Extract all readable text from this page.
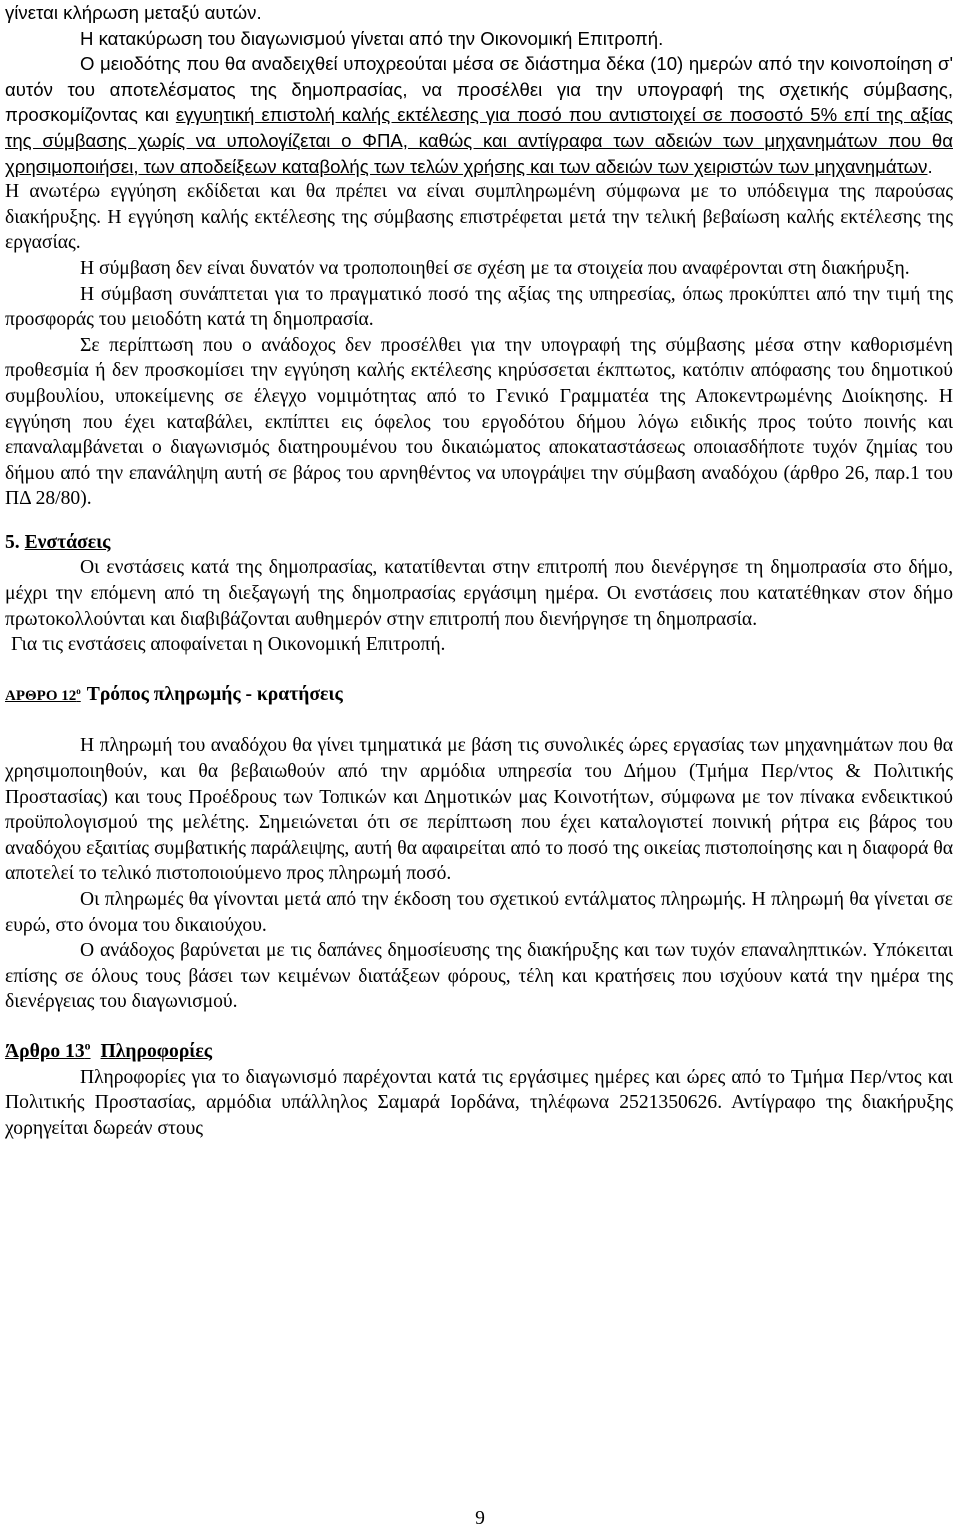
γίνεται κλήρωση μεταξύ αυτών.

Η κατακύρωση του διαγωνισμού γίνεται από την Οικονομική Επιτροπή.

Ο μειοδότης που θα αναδειχθεί υποχρεούται μέσα σε διάστημα δέκα (10) ημερών από την κοινοποίηση σ' αυτόν του αποτελέσματος της δημοπρασίας, να προσέλθει για την υπογραφή της σχετικής σύμβασης, προσκομίζοντας και εγγυητική επιστολή καλής εκτέλεσης για ποσό που αντιστοιχεί σε ποσοστό 5% επί της αξίας της σύμβασης χωρίς να υπολογίζεται ο ΦΠΑ, καθώς και αντίγραφα των αδειών των μηχανημάτων που θα χρησιμοποιήσει, των αποδείξεων καταβολής των τελών χρήσης και των αδειών των χειριστών των μηχανημάτων.

Η ανωτέρω εγγύηση εκδίδεται και θα πρέπει να είναι συμπληρωμένη σύμφωνα με το υπόδειγμα της παρούσας διακήρυξης. Η εγγύηση καλής εκτέλεσης της σύμβασης επιστρέφεται μετά την τελική βεβαίωση καλής εκτέλεσης της εργασίας.

Η σύμβαση δεν είναι δυνατόν να τροποποιηθεί σε σχέση με τα στοιχεία που αναφέρονται στη διακήρυξη.

Η σύμβαση συνάπτεται για το πραγματικό ποσό της αξίας της υπηρεσίας, όπως προκύπτει από την τιμή της προσφοράς του μειοδότη κατά τη δημοπρασία.

Σε περίπτωση που ο ανάδοχος δεν προσέλθει για την υπογραφή της σύμβασης μέσα στην καθορισμένη προθεσμία ή δεν προσκομίσει την εγγύηση καλής εκτέλεσης κηρύσσεται έκπτωτος, κατόπιν απόφασης του δημοτικού συμβουλίου, υποκείμενης σε έλεγχο νομιμότητας από το Γενικό Γραμματέα της Αποκεντρωμένης Διοίκησης. Η εγγύηση που έχει καταβάλει, εκπίπτει εις όφελος του εργοδότου δήμου λόγω ειδικής προς τούτο ποινής και επαναλαμβάνεται ο διαγωνισμός διατηρουμένου του δικαιώματος αποκαταστάσεως οποιασδήποτε τυχόν ζημίας του δήμου από την επανάληψη αυτή σε βάρος του αρνηθέντος να υπογράψει την σύμβαση αναδόχου (άρθρο 26, παρ.1 του ΠΔ 28/80).

5. Ενστάσεις

Οι ενστάσεις κατά της δημοπρασίας, κατατίθενται στην επιτροπή που διενέργησε τη δημοπρασία στο δήμο, μέχρι την επόμενη από τη διεξαγωγή της δημοπρασίας εργάσιμη ημέρα. Οι ενστάσεις που κατατέθηκαν στον δήμο πρωτοκολλούνται και διαβιβάζονται αυθημερόν στην επιτροπή που διενήργησε τη δημοπρασία.

Για τις ενστάσεις αποφαίνεται η Οικονομική Επιτροπή.

ΑΡΘΡΟ $12^o$ Τρόπος πληρωμής - κρατήσεις

Η πληρωμή του αναδόχου θα γίνει τμηματικά με βάση τις συνολικές ώρες εργασίας των μηχανημάτων που θα χρησιμοποιηθούν, και θα βεβαιωθούν από την αρμόδια υπηρεσία του Δήμου (Τμήμα Περ/ντος & Πολιτικής Προστασίας) και τους Προέδρους των Τοπικών και Δημοτικών μας Κοινοτήτων, σύμφωνα με τον πίνακα ενδεικτικού προϋπολογισμού της μελέτης. Σημειώνεται ότι σε περίπτωση που έχει καταλογιστεί ποινική ρήτρα εις βάρος του αναδόχου εξαιτίας συμβατικής παράλειψης, αυτή θα αφαιρείται από το ποσό της οικείας πιστοποίησης και η διαφορά θα αποτελεί το τελικό πιστοποιούμενο προς πληρωμή ποσό.

Οι πληρωμές θα γίνονται μετά από την έκδοση του σχετικού εντάλματος πληρωμής. Η πληρωμή θα γίνεται σε ευρώ, στο όνομα του δικαιούχου.

Ο ανάδοχος βαρύνεται με τις δαπάνες δημοσίευσης της διακήρυξης και των τυχόν επαναληπτικών. Υπόκειται επίσης σε όλους τους βάσει των κειμένων διατάξεων φόρους, τέλη και κρατήσεις που ισχύουν κατά την ημέρα της διενέργειας του διαγωνισμού.

Άρθρο $13^o$ Πληροφορίες

Πληροφορίες για το διαγωνισμό παρέχονται κατά τις εργάσιμες ημέρες και ώρες από το Τμήμα Περ/ντος και Πολιτικής Προστασίας, αρμόδια υπάλληλος Σαμαρά Ιορδάνα, τηλέφωνα 2521350626. Αντίγραφο της διακήρυξης χορηγείται δωρεάν στους

9
